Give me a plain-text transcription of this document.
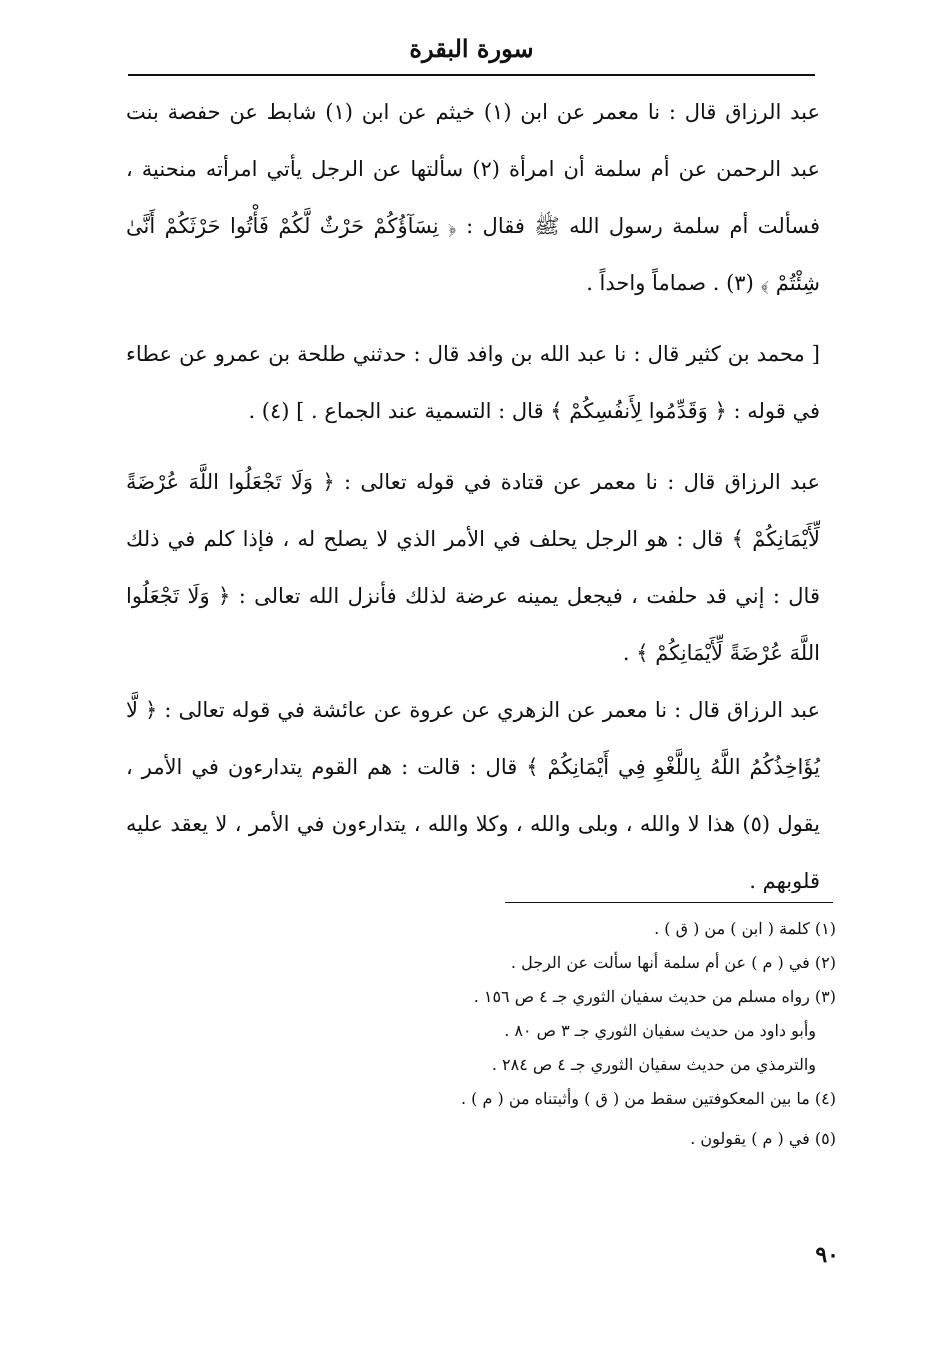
سورة البقرة

عبد الرزاق قال : نا معمر عن ابن (١) خيثم عن ابن (١) شابط عن حفصة بنت عبد الرحمن عن أم سلمة أن امرأة (٢) سألتها عن الرجل يأتي امرأته منحنية ، فسألت أم سلمة رسول الله ﷺ فقال : ﴿ نِسَآؤُكُمْ حَرْثٌ لَّكُمْ فَأْتُوا حَرْثَكُمْ أَنَّىٰ شِئْتُمْ ﴾ (٣) . صماماً واحداً .

[ محمد بن كثير قال : نا عبد الله بن وافد قال : حدثني طلحة بن عمرو عن عطاء في قوله : ﴿ وَقَدِّمُوا لِأَنفُسِكُمْ ﴾ قال : التسمية عند الجماع . ] (٤) .

عبد الرزاق قال : نا معمر عن قتادة في قوله تعالى : ﴿ وَلَا تَجْعَلُوا اللَّهَ عُرْضَةً لِّأَيْمَانِكُمْ ﴾ قال : هو الرجل يحلف في الأمر الذي لا يصلح له ، فإذا كلم في ذلك قال : إني قد حلفت ، فيجعل يمينه عرضة لذلك فأنزل الله تعالى : ﴿ وَلَا تَجْعَلُوا اللَّهَ عُرْضَةً لِّأَيْمَانِكُمْ ﴾ .

عبد الرزاق قال : نا معمر عن الزهري عن عروة عن عائشة في قوله تعالى : ﴿ لَّا يُؤَاخِذُكُمُ اللَّهُ بِاللَّغْوِ فِي أَيْمَانِكُمْ ﴾ قال : قالت : هم القوم يتدارءون في الأمر ، يقول (٥) هذا لا والله ، وبلى والله ، وكلا والله ، يتدارءون في الأمر ، لا يعقد عليه قلوبهم .

(١) كلمة ( ابن ) من ( ق ) .

(٢) في ( م ) عن أم سلمة أنها سألت عن الرجل .

(٣) رواه مسلم من حديث سفيان الثوري جـ ٤ ص ١٥٦ .

وأبو داود من حديث سفيان الثوري جـ ٣ ص ٨٠ .

والترمذي من حديث سفيان الثوري جـ ٤ ص ٢٨٤ .

(٤) ما بين المعكوفتين سقط من ( ق ) وأثبتناه من ( م ) .

(٥) في ( م ) يقولون .

٩٠
